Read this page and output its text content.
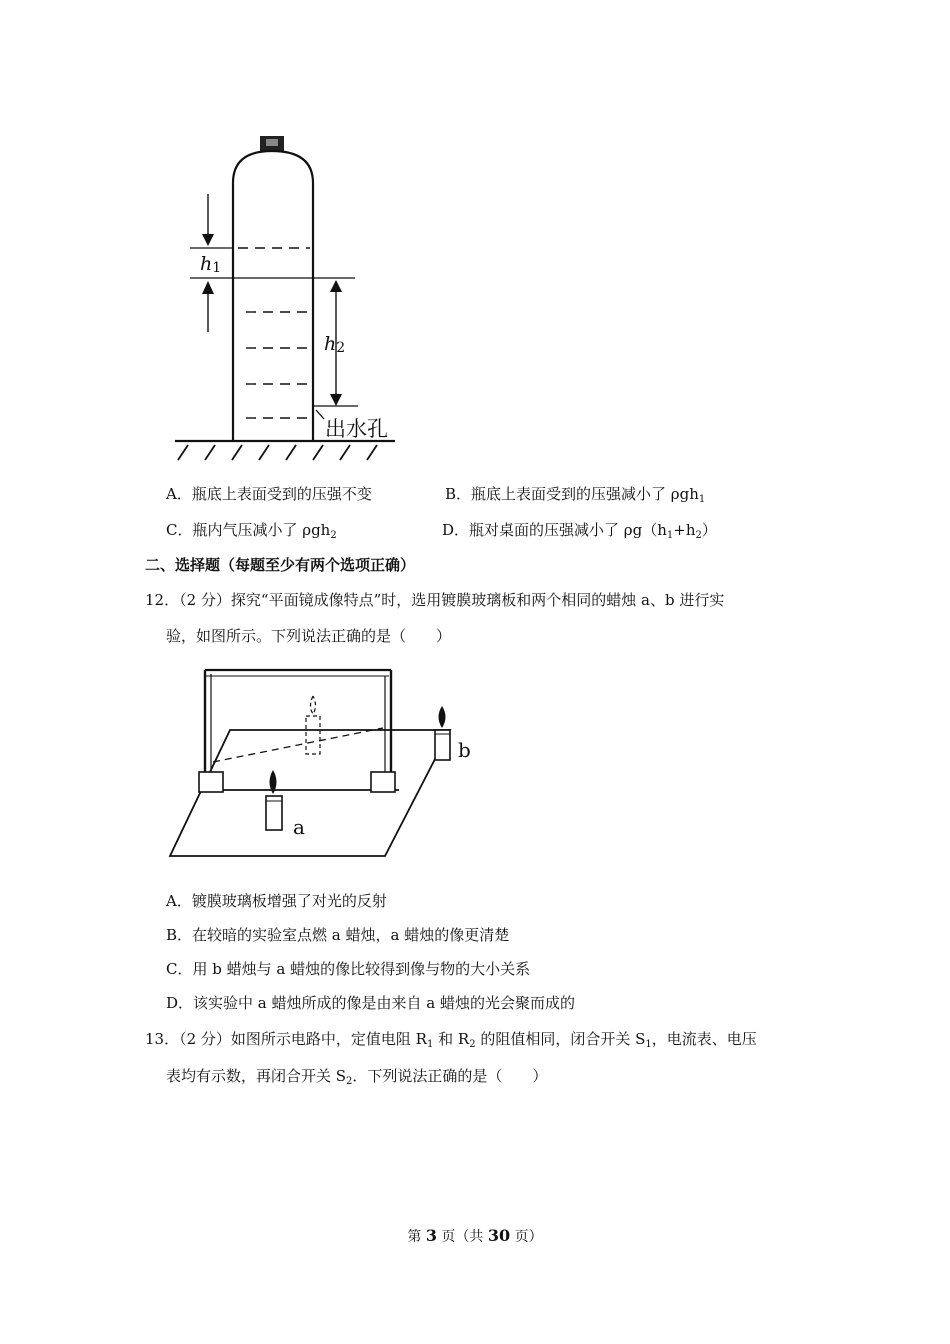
h1
h2
出水孔
A．瓶底上表面受到的压强不变	B．瓶底上表面受到的压强减小了 ρgh$_1$
C．瓶内气压减小了 ρgh$_2$	D．瓶对桌面的压强减小了 $\rho g(h_1+h_2)$
二、选择题（每题至少有两个选项正确）
12．（2 分）探究“平面镜成像特点”时，选用镀膜玻璃板和两个相同的蜡烛 a、b 进行实
验，如图所示。下列说法正确的是（　　）
a
b
A．镀膜玻璃板增强了对光的反射
B．在较暗的实验室点燃 a 蜡烛，a 蜡烛的像更清楚
C．用 b 蜡烛与 a 蜡烛的像比较得到像与物的大小关系
D．该实验中 a 蜡烛所成的像是由来自 a 蜡烛的光会聚而成的
13．（2 分）如图所示电路中，定值电阻 $R_1$ 和 $R_2$ 的阻值相同，闭合开关 $S_1$，电流表、电压
表均有示数，再闭合开关 $S_2$．下列说法正确的是（　　）
第 3 页（共 30 页）
